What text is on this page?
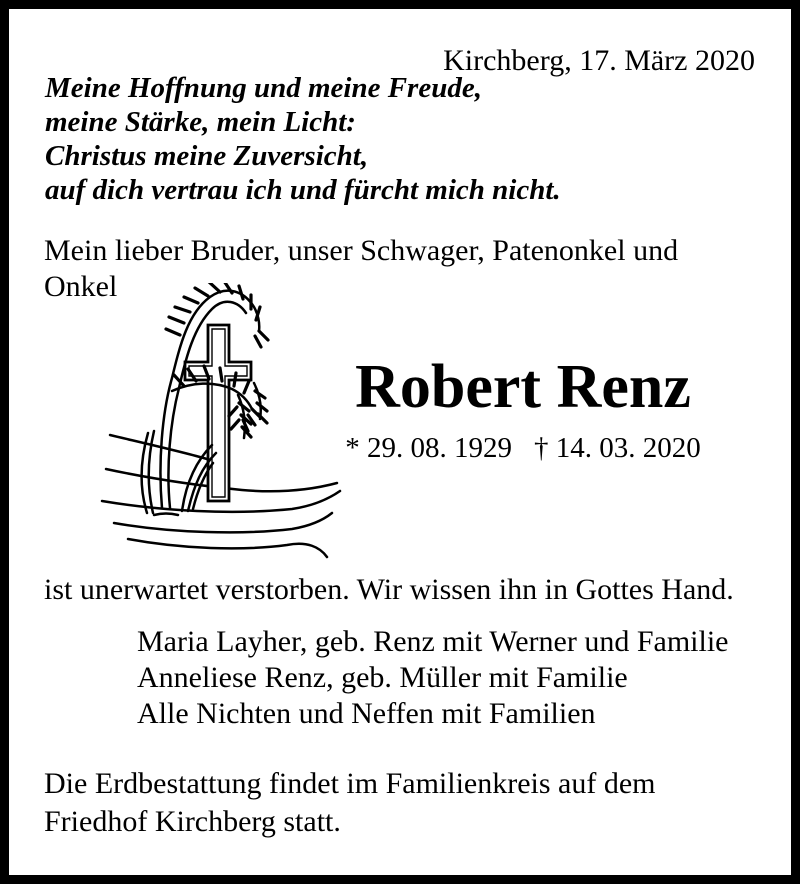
Kirchberg, 17. März 2020
Meine Hoffnung und meine Freude,
meine Stärke, mein Licht:
Christus meine Zuversicht,
auf dich vertrau ich und fürcht mich nicht.
Mein lieber Bruder, unser Schwager, Patenonkel und
Onkel
Robert Renz
* 29. 08. 1929 † 14. 03. 2020
ist unerwartet verstorben. Wir wissen ihn in Gottes Hand.
Maria Layher, geb. Renz mit Werner und Familie
Anneliese Renz, geb. Müller mit Familie
Alle Nichten und Neffen mit Familien
Die Erdbestattung findet im Familienkreis auf dem
Friedhof Kirchberg statt.
